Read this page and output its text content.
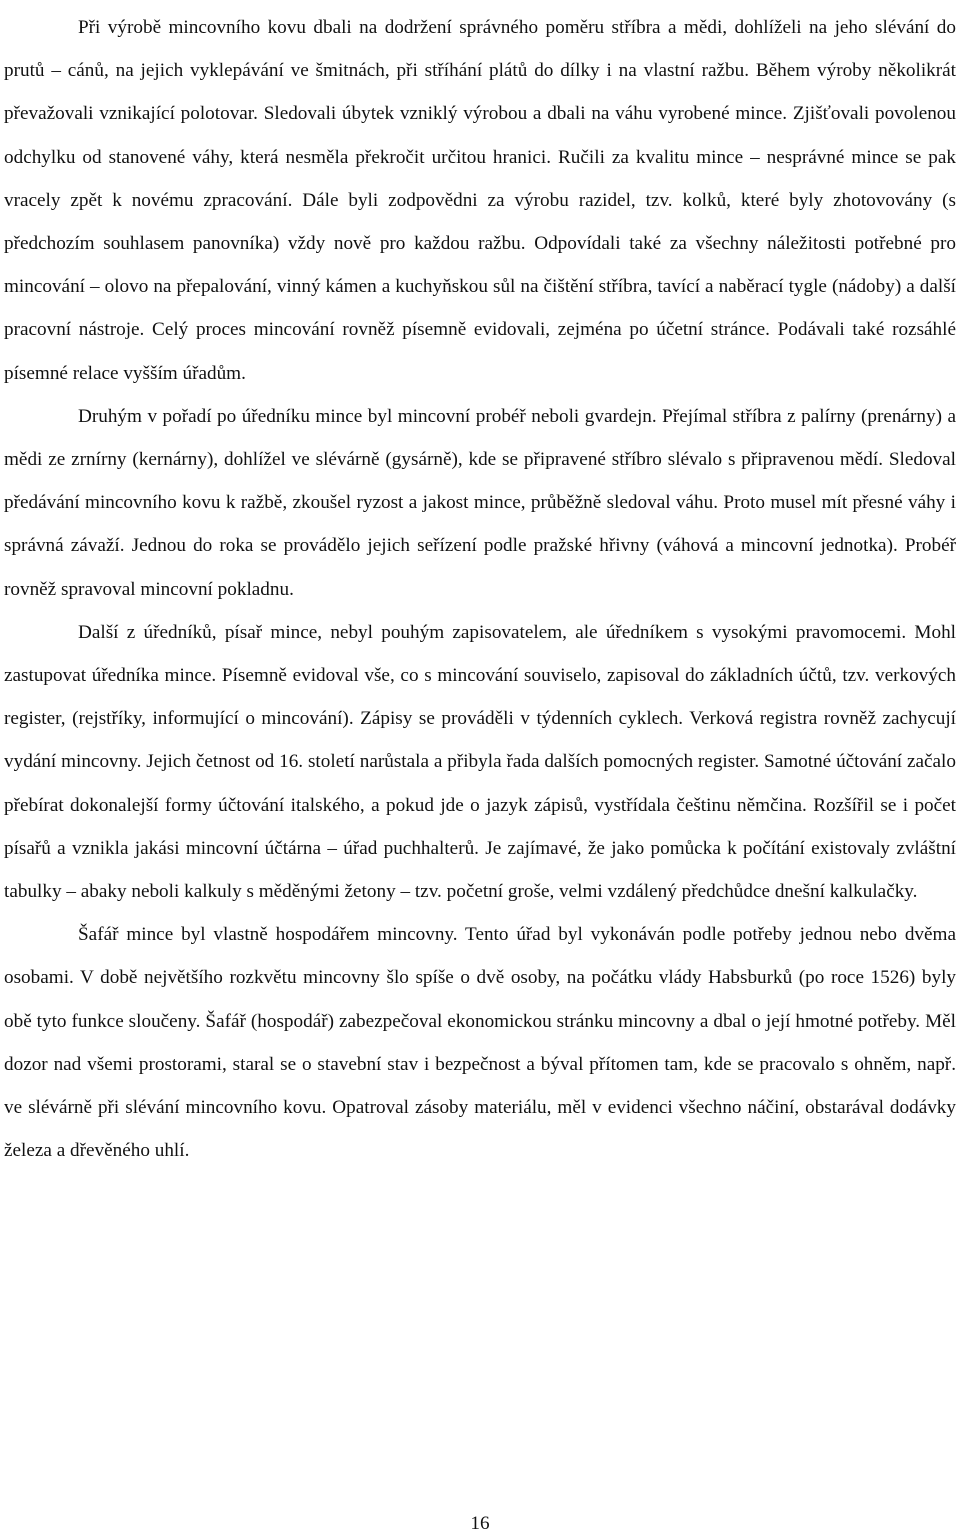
Při výrobě mincovního kovu dbali na dodržení správného poměru stříbra a mědi, dohlíželi na jeho slévání do prutů – cánů, na jejich vyklepávání ve šmitnách, při stříhání plátů do dílky i na vlastní ražbu. Během výroby několikrát převažovali vznikající polotovar. Sledovali úbytek vzniklý výrobou a dbali na váhu vyrobené mince. Zjišťovali povolenou odchylku od stanovené váhy, která nesměla překročit určitou hranici. Ručili za kvalitu mince – nesprávné mince se pak vracely zpět k novému zpracování. Dále byli zodpovědni za výrobu razidel, tzv. kolků, které byly zhotovovány (s předchozím souhlasem panovníka) vždy nově pro každou ražbu. Odpovídali také za všechny náležitosti potřebné pro mincování – olovo na přepalování, vinný kámen a kuchyňskou sůl na čištění stříbra, tavící a naběrací tygle (nádoby) a další pracovní nástroje. Celý proces mincování rovněž písemně evidovali, zejména po účetní stránce. Podávali také rozsáhlé písemné relace vyšším úřadům.

Druhým v pořadí po úředníku mince byl mincovní probéř neboli gvardejn. Přejímal stříbra z palírny (prenárny) a mědi ze zrnírny (kernárny), dohlížel ve slévárně (gysárně), kde se připravené stříbro slévalo s připravenou mědí. Sledoval předávání mincovního kovu k ražbě, zkoušel ryzost a jakost mince, průběžně sledoval váhu. Proto musel mít přesné váhy i správná závaží. Jednou do roka se provádělo jejich seřízení podle pražské hřivny (váhová a mincovní jednotka). Probéř rovněž spravoval mincovní pokladnu.

Další z úředníků, písař mince, nebyl pouhým zapisovatelem, ale úředníkem s vysokými pravomocemi. Mohl zastupovat úředníka mince. Písemně evidoval vše, co s mincování souviselo, zapisoval do základních účtů, tzv. verkových register, (rejstříky, informující o mincování). Zápisy se prováděli v týdenních cyklech. Verková registra rovněž zachycují vydání mincovny. Jejich četnost od 16. století narůstala a přibyla řada dalších pomocných register. Samotné účtování začalo přebírat dokonalejší formy účtování italského, a pokud jde o jazyk zápisů, vystřídala češtinu němčina. Rozšířil se i počet písařů a vznikla jakási mincovní účtárna – úřad puchhalterů. Je zajímavé, že jako pomůcka k počítání existovaly zvláštní tabulky – abaky neboli kalkuly s měděnými žetony – tzv. početní groše, velmi vzdálený předchůdce dnešní kalkulačky.

Šafář mince byl vlastně hospodářem mincovny. Tento úřad byl vykonáván podle potřeby jednou nebo dvěma osobami. V době největšího rozkvětu mincovny šlo spíše o dvě osoby, na počátku vlády Habsburků (po roce 1526) byly obě tyto funkce sloučeny. Šafář (hospodář) zabezpečoval ekonomickou stránku mincovny a dbal o její hmotné potřeby. Měl dozor nad všemi prostorami, staral se o stavební stav i bezpečnost a býval přítomen tam, kde se pracovalo s ohněm, např. ve slévárně při slévání mincovního kovu. Opatroval zásoby materiálu, měl v evidenci všechno náčiní, obstarával dodávky železa a dřevěného uhlí.

16
